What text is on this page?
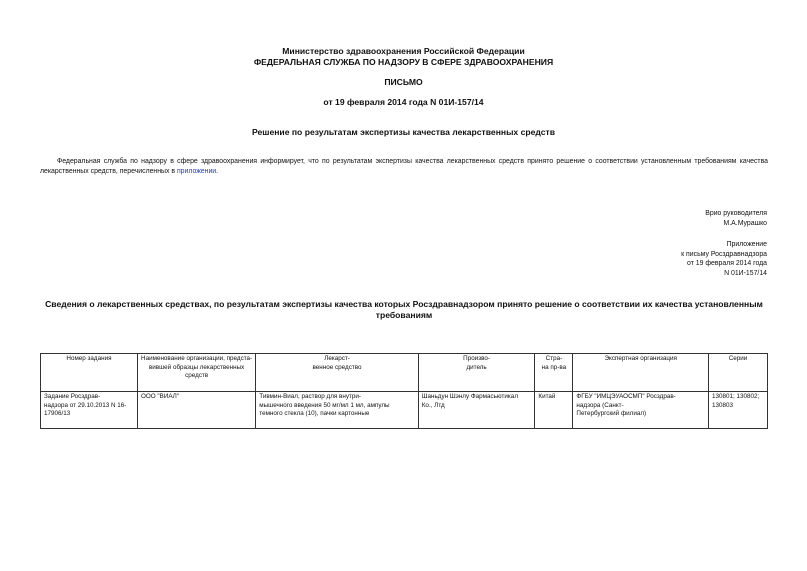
Министерство здравоохранения Российской Федерации
ФЕДЕРАЛЬНАЯ СЛУЖБА ПО НАДЗОРУ В СФЕРЕ ЗДРАВООХРАНЕНИЯ
ПИСЬМО
от 19 февраля 2014 года N 01И-157/14
Решение по результатам экспертизы качества лекарственных средств
Федеральная служба по надзору в сфере здравоохранения информирует, что по результатам экспертизы качества лекарственных средств принято решение о соответствии установленным требованиям качества лекарственных средств, перечисленных в приложении.
Врио руководителя
М.А.Мурашко
Приложение
к письму Росздравнадзора
от 19 февраля 2014 года
N 01И-157/14
Сведения о лекарственных средствах, по результатам экспертизы качества которых Росздравнадзором принято решение о соответствии их качества установленным требованиям
Номер задания	Наименование организации, предста-
вившей образцы лекарственных средств	Лекарст-
венное средство	Произво-
дитель	Стра-
на пр-ва	Экспертная организация	Серии
Задание Росздрав-
надзора от 29.10.2013 N 16-
17906/13	ООО "ВИАЛ"	Тивмин-Виал, раствор для внутри-
мышечного введения 50 мг/мл 1 мл, ампулы
темного стекла (10), пачки картонные	Шаньдун Шэнлу Фармасьютикал
Ко., Лтд	Китай	ФГБУ "ИМЦЭУАОСМП" Росздрав-
надзора (Санкт-
Петербургский филиал)	130801; 130802;
130803
